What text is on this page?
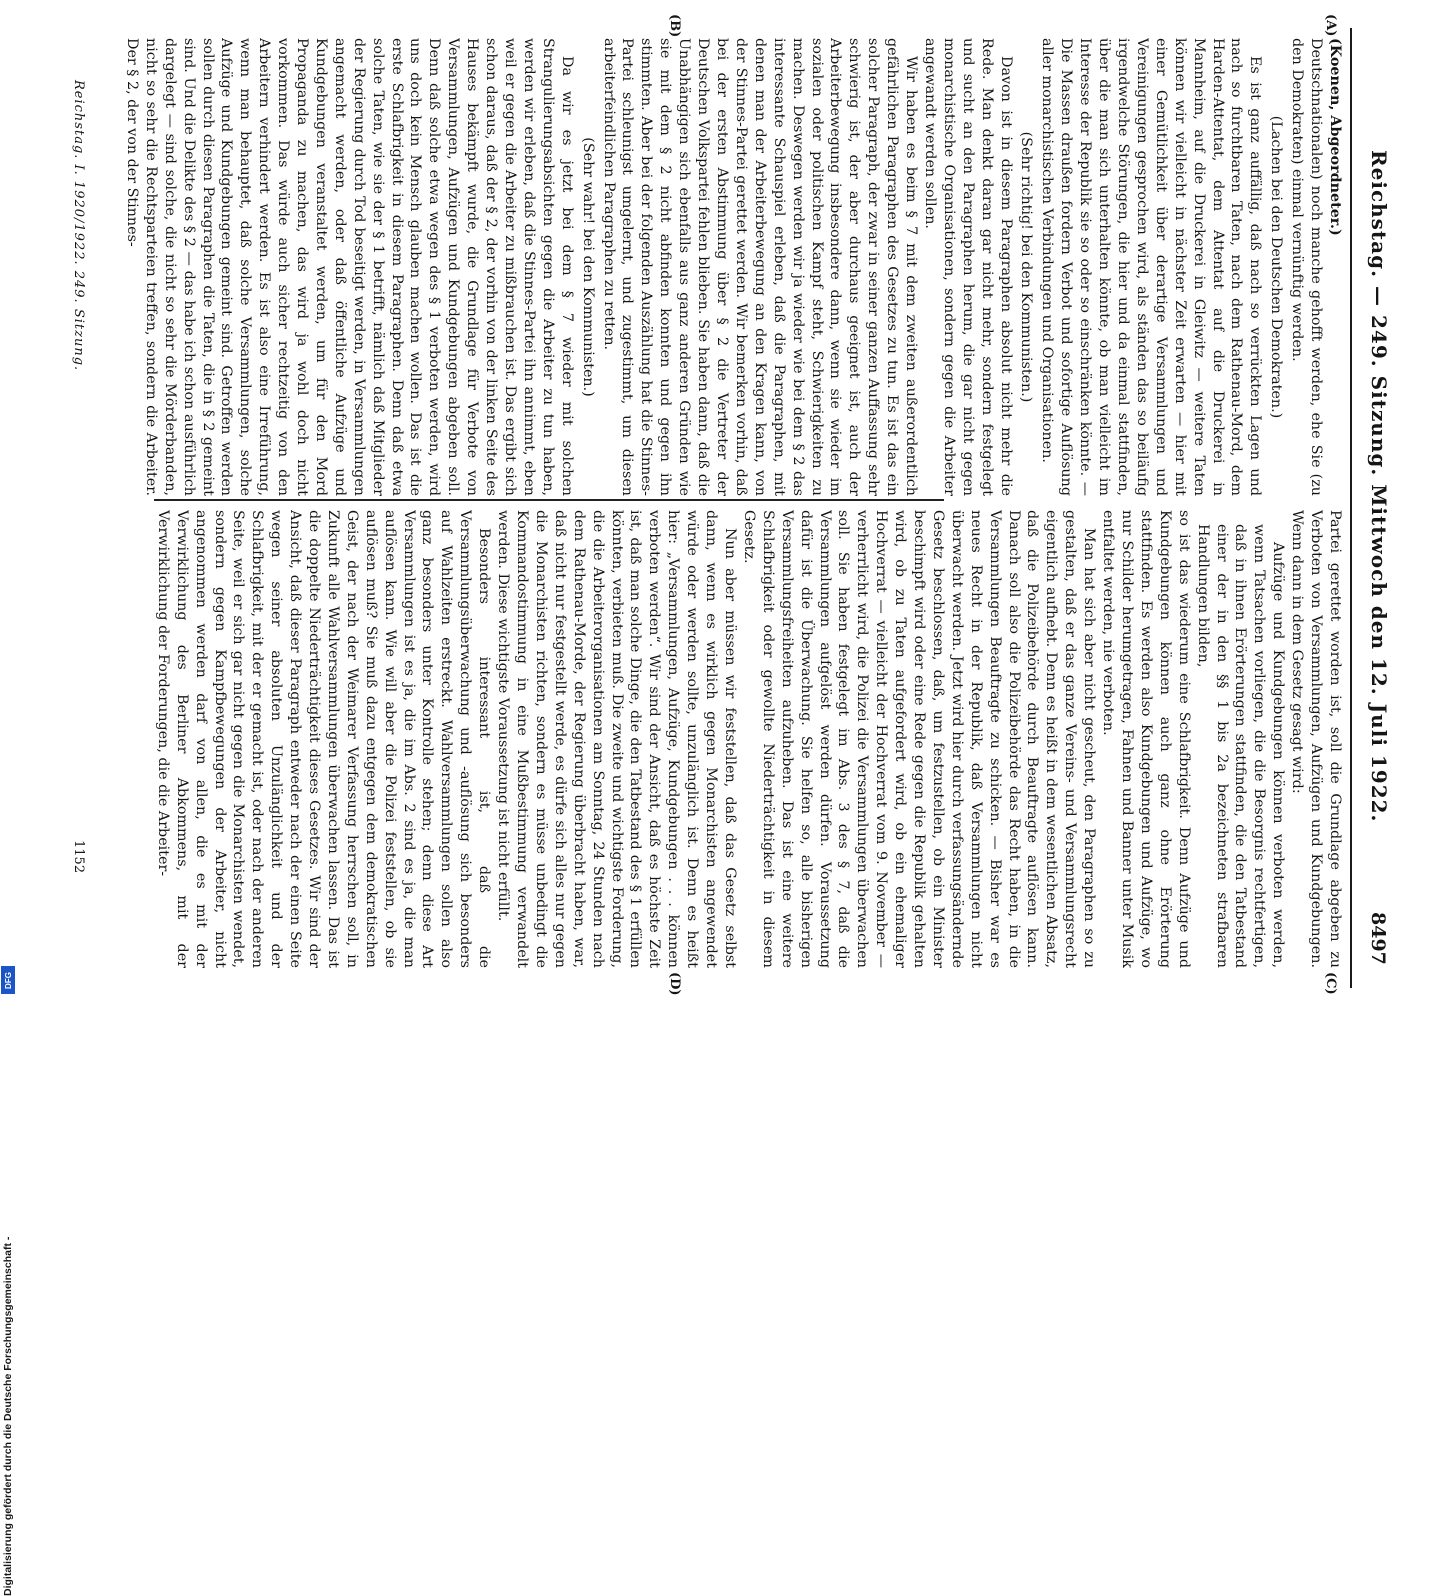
Reichstag. — 249. Sitzung. Mittwoch den 12. Juli 1922.
8497
(A)
(B)
(C)
(D)

(Koenen, Abgeordneter.)

Deutschnationalen) noch manche gehofft werden, ehe Sie (zu den Demokraten) einmal vernünftig werden.

(Lachen bei den Deutschen Demokraten.)

Es ist ganz auffällig, daß nach so verrückten Lagen und nach so furchtbaren Taten, nach dem Rathenau-Mord, dem Harden-Attentat, dem Attentat auf die Druckerei in Mannheim, auf die Druckerei in Gleiwitz — weitere Taten können wir vielleicht in nächster Zeit erwarten — hier mit einer Gemütlichkeit über derartige Versammlungen und Vereinigungen gesprochen wird, als ständen das so beiläufig irgendwelche Störungen, die hier und da einmal stattfinden, über die man sich unterhalten könnte, ob man vielleicht im Interesse der Republik sie so oder so einschränken könnte. — Die Massen draußen fordern Verbot und sofortige Auflösung aller monarchistischen Verbindungen und Organisationen.

(Sehr richtig! bei den Kommunisten.)

Davon ist in diesem Paragraphen absolut nicht mehr die Rede. Man denkt daran gar nicht mehr, sondern festgelegt und sucht an den Paragraphen herum, die gar nicht gegen monarchistische Organisationen, sondern gegen die Arbeiter angewandt werden sollen.

Wir haben es beim § 7 mit dem zweiten außerordentlich gefährlichen Paragraphen des Gesetzes zu tun. Es ist das ein solcher Paragraph, der zwar in seiner ganzen Auffassung sehr schwierig ist, der aber durchaus geeignet ist, auch der Arbeiterbewegung insbesondere dann, wenn sie wieder im sozialen oder politischen Kampf steht, Schwierigkeiten zu machen. Deswegen werden wir ja wieder wie bei dem § 2 das interessante Schauspiel erleben, daß die Paragraphen, mit denen man der Arbeiterbewegung an den Kragen kann, von der Stinnes-Partei gerettet werden. Wir bemerken vorhin, daß bei der ersten Abstimmung über § 2 die Vertreter der Deutschen Volkspartei fehlen blieben. Sie haben dann, daß die Unabhängigen sich ebenfalls aus ganz anderen Gründen wie sie mit dem § 2 nicht abfinden konnten und gegen ihn stimmten. Aber bei der folgenden Auszählung hat die Stinnes-Partei schleunigst umgelernt, und zugestimmt, um diesen arbeiterfeindlichen Paragraphen zu retten.

(Sehr wahr! bei den Kommunisten.)

Da wir es jetzt bei dem § 7 wieder mit solchen Strangulierungsabsichten gegen die Arbeiter zu tun haben, werden wir erleben, daß die Stinnes-Partei ihn annimmt, eben weil er gegen die Arbeiter zu mißbrauchen ist. Das ergibt sich schon daraus, daß der § 2, der vorhin von der linken Seite des Hauses bekämpft wurde, die Grundlage für Verbote von Versammlungen, Aufzügen und Kundgebungen abgeben soll. Denn daß solche etwa wegen des § 1 verboten werden, wird uns doch kein Mensch glauben machen wollen. Das ist die erste Schlafbrigkeit in diesem Paragraphen. Denn daß etwa solche Taten, wie sie der § 1 betrifft, nämlich daß Mitglieder der Regierung durch Tod beseitigt werden, in Versammlungen angemacht werden, oder daß öffentliche Aufzüge und Kundgebungen veranstaltet werden, um für den Mord Propaganda zu machen, das wird ja wohl doch nicht vorkommen. Das würde auch sicher rechtzeitig von den Arbeitern verhindert werden. Es ist also eine Irreführung, wenn man behauptet, daß solche Versammlungen, solche Aufzüge und Kundgebungen gemeint sind. Getroffen werden sollen durch diesen Paragraphen die Taten, die in § 2 gemeint sind. Und die Delikte des § 2 — das habe ich schon ausführlich dargelegt — sind solche, die nicht so sehr die Mörderbanden, nicht so sehr die Rechtsparteien treffen, sondern die Arbeiter. Der § 2, der von der Stinnes-

Partei gerettet worden ist, soll die Grundlage abgeben zu Verboten von Versammlungen, Aufzügen und Kundgebungen. Wenn dann in dem Gesetz gesagt wird:

Aufzüge und Kundgebungen können verboten werden, wenn Tatsachen vorliegen, die die Besorgnis rechtfertigen, daß in ihnen Erörterungen stattfinden, die den Tatbestand einer der in den §§ 1 bis 2a bezeichneten strafbaren Handlungen bilden,

so ist das wiederum eine Schlafbrigkeit. Denn Aufzüge und Kundgebungen können auch ganz ohne Erörterung stattfinden. Es werden also Kundgebungen und Aufzüge, wo nur Schilder herumgetragen, Fahnen und Banner unter Musik entfaltet werden, nie verboten.

Man hat sich aber nicht gescheut, den Paragraphen so zu gestalten, daß er das ganze Vereins- und Versammlungsrecht eigentlich aufhebt. Denn es heißt in dem wesentlichen Absatz, daß die Polizeibehörde durch Beauftragte auflösen kann. Danach soll also die Polizeibehörde das Recht haben, in die Versammlungen Beauftragte zu schicken. — Bisher war es neues Recht in der Republik, daß Versammlungen nicht überwacht werden. Jetzt wird hier durch verfassungsändernde Gesetz beschlossen, daß, um festzustellen, ob ein Minister beschimpft wird oder eine Rede gegen die Republik gehalten wird, ob zu Taten aufgefordert wird, ob ein ehemaliger Hochverrat — vielleicht der Hochverrat vom 9. November — verherrlicht wird, die Polizei die Versammlungen überwachen soll. Sie haben festgelegt im Abs. 3 des § 7, daß die Versammlungen aufgelöst werden dürfen. Voraussetzung dafür ist die Überwachung. Sie helfen so, alle bisherigen Versammlungsfreiheiten aufzuheben. Das ist eine weitere Schlafbrigkeit oder gewollte Niederträchtigkeit in diesem Gesetz.

Nun aber müssen wir feststellen, daß das Gesetz selbst dann, wenn es wirklich gegen Monarchisten angewendet würde oder werden sollte, unzulänglich ist. Denn es heißt hier: „Versammlungen, Aufzüge, Kundgebungen . . . können verboten werden“. Wir sind der Ansicht, daß es höchste Zeit ist, daß man solche Dinge, die den Tatbestand des § 1 erfüllen könnten, verbieten muß. Die zweite und wichtigste Forderung, die die Arbeiterorganisationen am Sonntag, 24 Stunden nach dem Rathenau-Morde, der Regierung überbracht haben, war, daß nicht nur festgestellt werde, es dürfe sich alles nur gegen die Monarchisten richten, sondern es müsse unbedingt die Kommandostimmung in eine Mußbestimmung verwandelt werden. Diese wichtigste Voraussetzung ist nicht erfüllt.

Besonders interessant ist, daß die Versammlungsüberwachung und -auflösung sich besonders auf Wahlzeiten erstreckt. Wahlversammlungen sollen also ganz besonders unter Kontrolle stehen; denn diese Art Versammlungen ist es ja, die im Abs. 2 sind es ja, die man auflösen kann. Wie will aber die Polizei feststellen, ob sie auflösen muß? Sie muß dazu entgegen dem demokratischen Geist, der nach der Weimarer Verfassung herrschen soll, in Zukunft alle Wahlversammlungen überwachen lassen. Das ist die doppelte Niederträchtigkeit dieses Gesetzes. Wir sind der Ansicht, daß dieser Paragraph entweder nach der einen Seite wegen seiner absoluten Unzulänglichkeit und der Schlafbrigkeit, mit der er gemacht ist, oder nach der anderen Seite, weil er sich gar nicht gegen die Monarchisten wendet, sondern gegen Kampfbewegungen der Arbeiter, nicht angenommen werden darf von allen, die es mit der Verwirklichung des Berliner Abkommens, mit der Verwirklichung der Forderungen, die die Arbeiter-

Reichstag. I. 1920/1922. 249. Sitzung.
1152
Digitalisierung gefördert durch die Deutsche Forschungsgemeinschaft -
DFG
